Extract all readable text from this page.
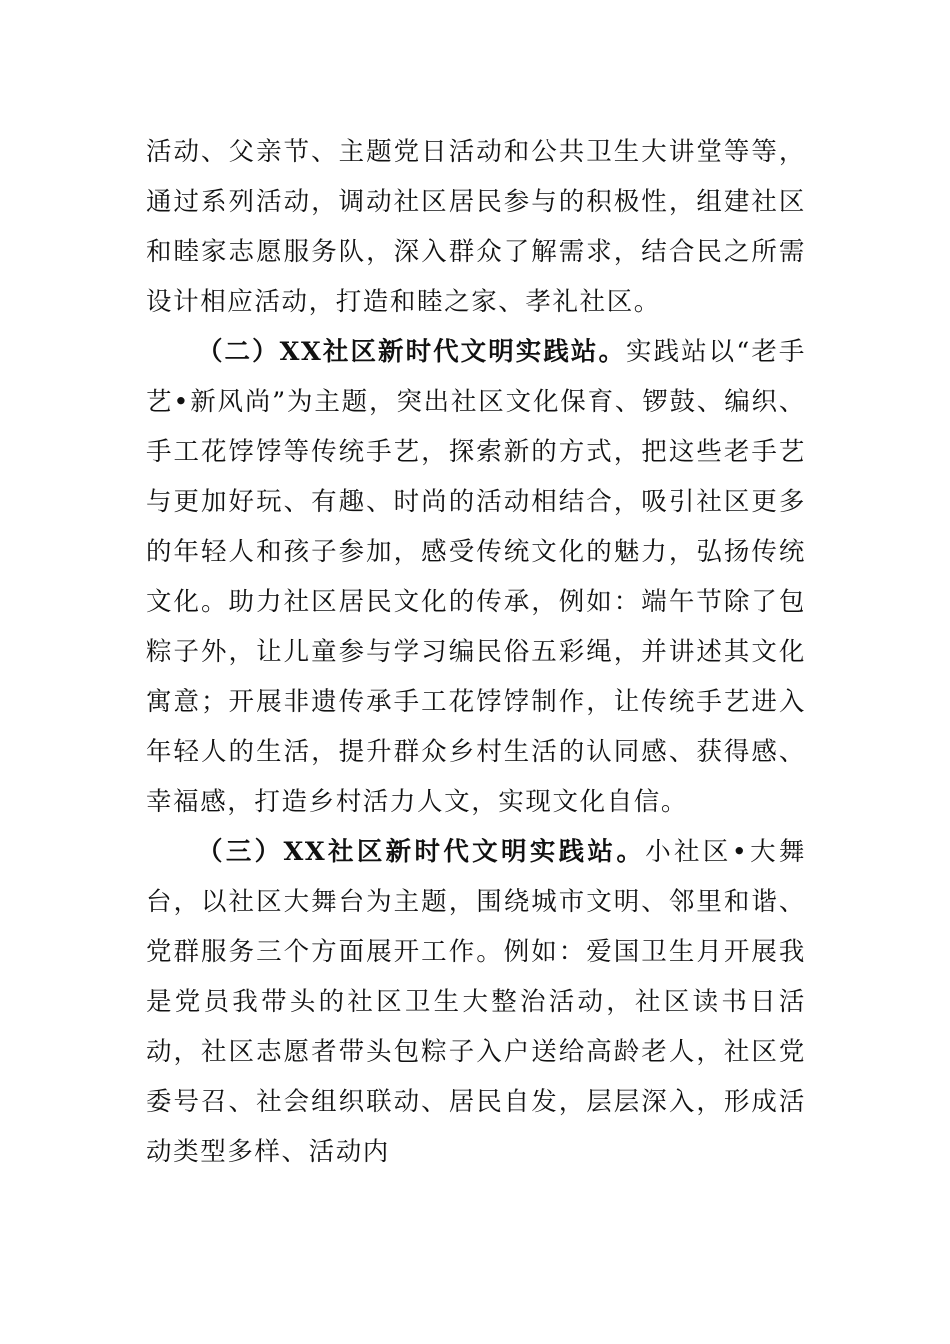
活动、父亲节、主题党日活动和公共卫生大讲堂等等，通过系列活动，调动社区居民参与的积极性，组建社区和睦家志愿服务队，深入群众了解需求，结合民之所需设计相应活动，打造和睦之家、孝礼社区。

（二）XX社区新时代文明实践站。实践站以“老手艺•新风尚”为主题，突出社区文化保育、锣鼓、编织、手工花饽饽等传统手艺，探索新的方式，把这些老手艺与更加好玩、有趣、时尚的活动相结合，吸引社区更多的年轻人和孩子参加，感受传统文化的魅力，弘扬传统文化。助力社区居民文化的传承，例如：端午节除了包粽子外，让儿童参与学习编民俗五彩绳，并讲述其文化寓意；开展非遗传承手工花饽饽制作，让传统手艺进入年轻人的生活，提升群众乡村生活的认同感、获得感、幸福感，打造乡村活力人文，实现文化自信。

（三）XX社区新时代文明实践站。小社区•大舞台，以社区大舞台为主题，围绕城市文明、邻里和谐、党群服务三个方面展开工作。例如：爱国卫生月开展我是党员我带头的社区卫生大整治活动，社区读书日活动，社区志愿者带头包粽子入户送给高龄老人，社区党委号召、社会组织联动、居民自发，层层深入，形成活动类型多样、活动内
